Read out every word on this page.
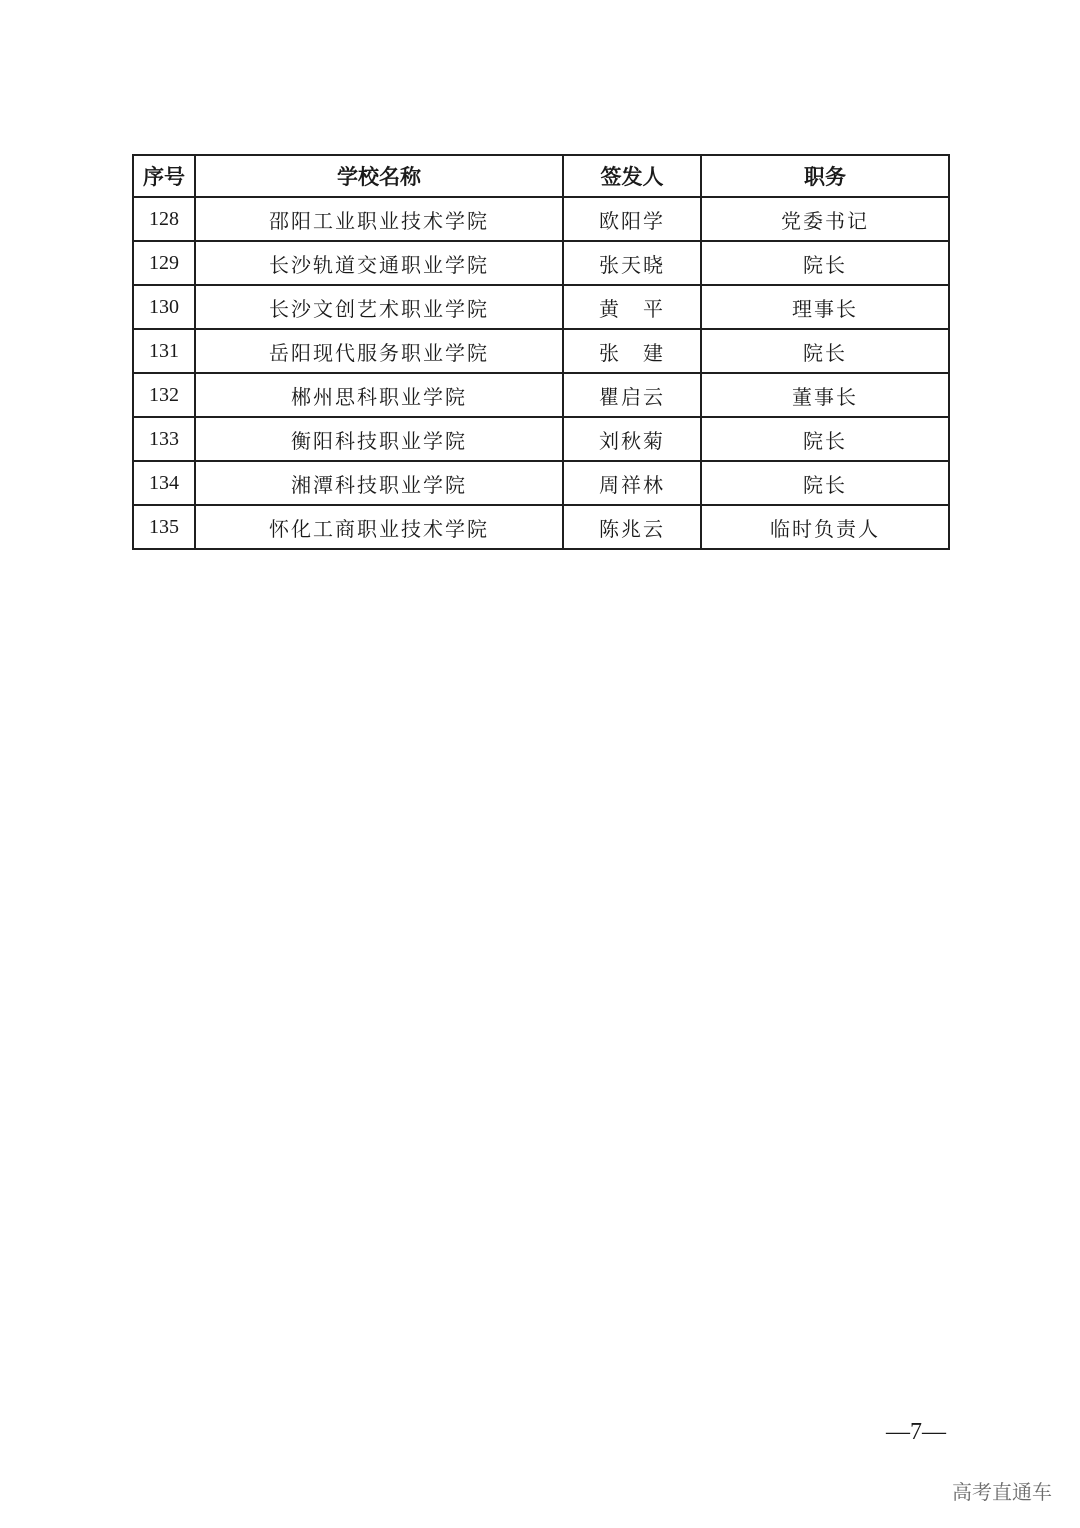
序号	学校名称	签发人	职务
128	邵阳工业职业技术学院	欧阳学	党委书记
129	长沙轨道交通职业学院	张天晓	院长
130	长沙文创艺术职业学院	黄　平	理事长
131	岳阳现代服务职业学院	张　建	院长
132	郴州思科职业学院	瞿启云	董事长
133	衡阳科技职业学院	刘秋菊	院长
134	湘潭科技职业学院	周祥林	院长
135	怀化工商职业技术学院	陈兆云	临时负责人
—7—
高考直通车
